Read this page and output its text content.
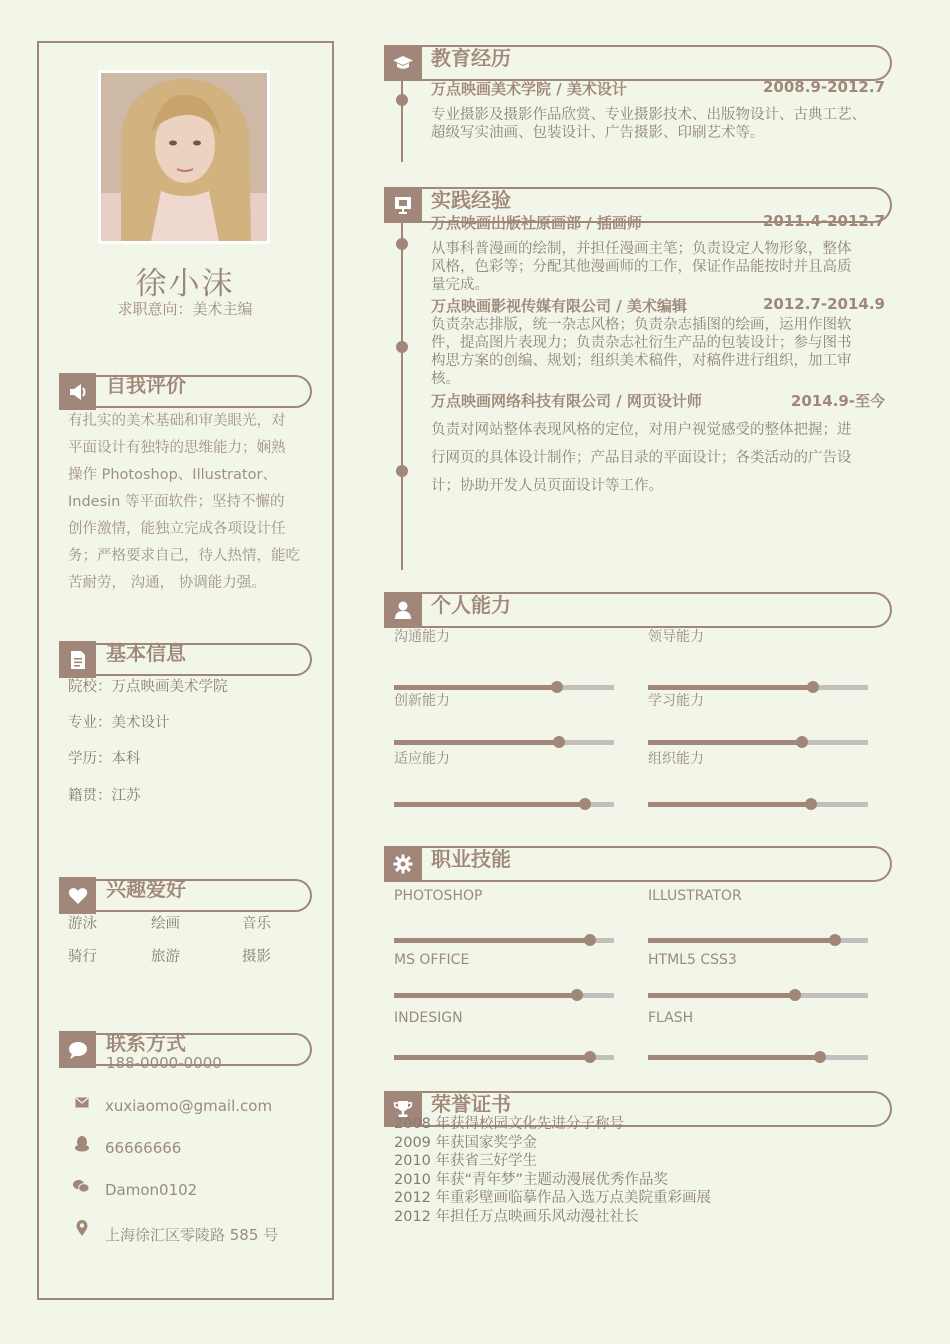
徐小沫
求职意向：美术主编
自我评价
有扎实的美术基础和审美眼光，对
平面设计有独特的思维能力；娴熟
操作 Photoshop、Illustrator、
Indesin 等平面软件；坚持不懈的
创作激情，能独立完成各项设计任
务；严格要求自己，待人热情，能吃
苦耐劳， 沟通， 协调能力强。
基本信息
院校：万点映画美术学院
专业：美术设计
学历：本科
籍贯：江苏
兴趣爱好
游泳	绘画	音乐
骑行	旅游	摄影
联系方式
188-0000-0000
xuxiaomo@gmail.com
66666666
Damon0102
上海徐汇区零陵路 585 号
教育经历
万点映画美术学院 / 美术设计	2008.9-2012.7
专业摄影及摄影作品欣赏、专业摄影技术、出版物设计、古典工艺、
超级写实油画、包装设计、广告摄影、印刷艺术等。
实践经验
万点映画出版社原画部 / 插画师	2011.4-2012.7
从事科普漫画的绘制，并担任漫画主笔；负责设定人物形象，整体
风格，色彩等；分配其他漫画师的工作，保证作品能按时并且高质
量完成。
万点映画影视传媒有限公司 / 美术编辑	2012.7-2014.9
负责杂志排版，统一杂志风格；负责杂志插图的绘画，运用作图软
件，提高图片表现力；负责杂志社衍生产品的包装设计；参与图书
构思方案的创编、规划；组织美术稿件，对稿件进行组织，加工审
核。
万点映画网络科技有限公司 / 网页设计师	2014.9-至今
负责对网站整体表现风格的定位，对用户视觉感受的整体把握；进
行网页的具体设计制作；产品目录的平面设计；各类活动的广告设
计；协助开发人员页面设计等工作。
个人能力
沟通能力	领导能力
创新能力	学习能力
适应能力	组织能力
职业技能
PHOTOSHOP	ILLUSTRATOR
MS OFFICE	HTML5 CSS3
INDESIGN	FLASH
荣誉证书
2008 年获得校园文化先进分子称号
2009 年获国家奖学金
2010 年获省三好学生
2010 年获“青年梦”主题动漫展优秀作品奖
2012 年重彩壁画临摹作品入选万点美院重彩画展
2012 年担任万点映画乐风动漫社社长
